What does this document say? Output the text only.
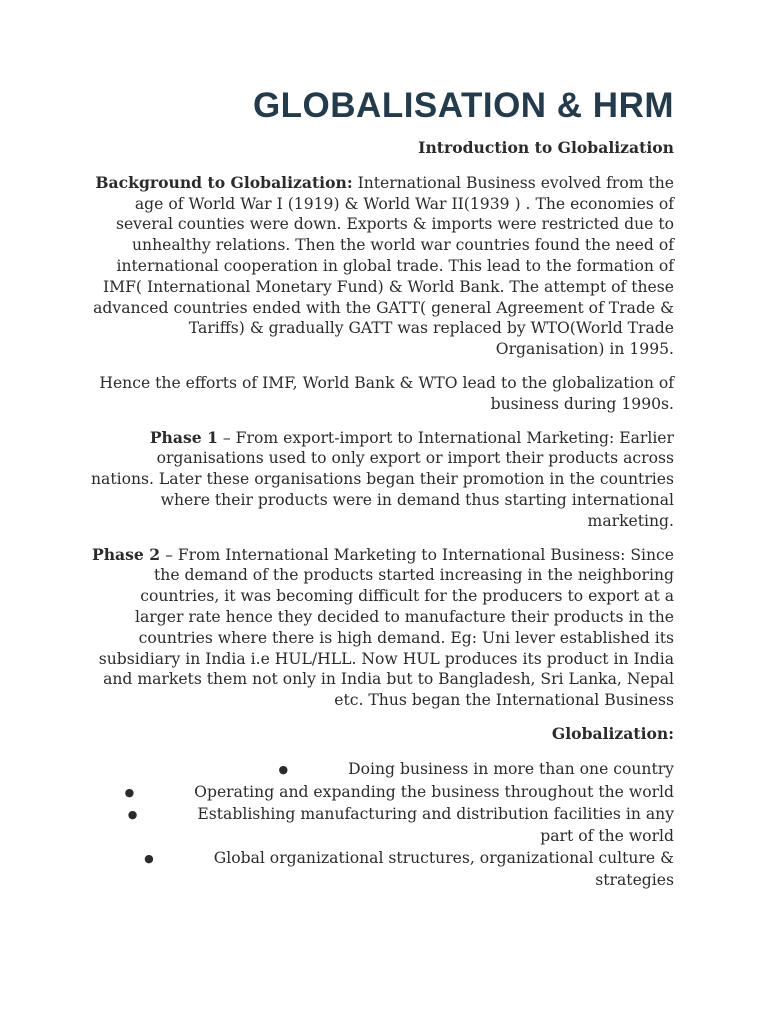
GLOBALISATION & HRM
Introduction to Globalization

Background to Globalization: International Business evolved from the age of World War I (1919) & World War II(1939 ) . The economies of several counties were down. Exports & imports were restricted due to unhealthy relations. Then the world war countries found the need of international cooperation in global trade. This lead to the formation of IMF( International Monetary Fund) & World Bank. The attempt of these advanced countries ended with the GATT( general Agreement of Trade & Tariffs) & gradually GATT was replaced by WTO(World Trade Organisation) in 1995.

Hence the efforts of IMF, World Bank & WTO lead to the globalization of business during 1990s.

Phase 1 – From export-import to International Marketing: Earlier organisations used to only export or import their products across nations. Later these organisations began their promotion in the countries where their products were in demand thus starting international marketing.

Phase 2 – From International Marketing to International Business: Since the demand of the products started increasing in the neighboring countries, it was becoming difficult for the producers to export at a larger rate hence they decided to manufacture their products in the countries where there is high demand. Eg: Uni lever established its subsidiary in India i.e HUL/HLL. Now HUL produces its product in India and markets them not only in India but to Bangladesh, Sri Lanka, Nepal etc. Thus began the International Business

Globalization:
●	Doing business in more than one country
●	Operating and expanding the business throughout the world
●	Establishing manufacturing and distribution facilities in any part of the world
●	Global organizational structures, organizational culture & strategies
